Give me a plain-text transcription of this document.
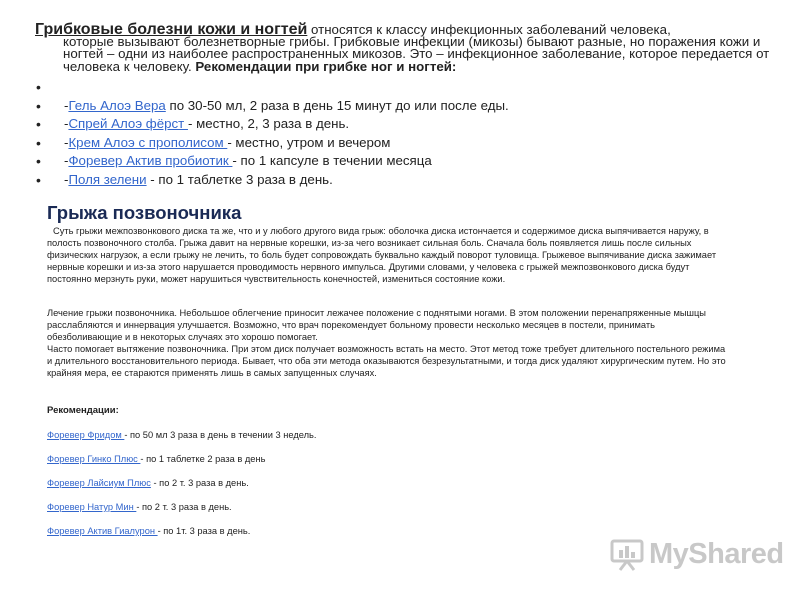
Грибковые болезни кожи и ногтей относятся к классу инфекционных заболеваний человека,
которые вызывают болезнетворные грибы. Грибковые инфекции (микозы) бывают разные, но поражения кожи и ногтей – одни из наиболее распространенных микозов. Это – инфекционное заболевание, которое передается от человека к человеку. Рекомендации при грибке ног и ногтей:
•
• -Гель Алоэ Вера по 30-50 мл, 2 раза в день 15 минут до или после еды.
• -Спрей Алоэ фёрст - местно, 2, 3 раза в день.
• -Крем Алоэ с прополисом - местно, утром и вечером
• -Форевер Актив пробиотик - по 1 капсуле в течении месяца
• -Поля зелени - по 1 таблетке 3 раза в день.
Грыжа позвоночника
Суть грыжи межпозвонкового диска та же, что и у любого другого вида грыж: оболочка диска истончается и содержимое диска выпячивается наружу, в полость позвоночного столба. Грыжа давит на нервные корешки, из-за чего возникает сильная боль. Сначала боль появляется лишь после сильных физических нагрузок, а если грыжу не лечить, то боль будет сопровождать буквально каждый поворот туловища. Грыжевое выпячивание диска зажимает нервные корешки и из-за этого нарушается проводимость нервного импульса. Другими словами, у человека с грыжей межпозвонкового диска будут постоянно мерзнуть руки, может нарушиться чувствительность конечностей, измениться состояние кожи.
Лечение грыжи позвоночника. Небольшое облегчение приносит лежачее положение с поднятыми ногами. В этом положении перенапряженные мышцы расслабляются и иннервация улучшается. Возможно, что врач порекомендует больному провести несколько месяцев в постели, принимать обезболивающие и в некоторых случаях это хорошо помогает.
Часто помогает вытяжение позвоночника. При этом диск получает возможность встать на место. Этот метод тоже требует длительного постельного режима и длительного восстановительного периода. Бывает, что оба эти метода оказываются безрезультатными, и тогда диск удаляют хирургическим путем. Но это крайняя мера, ее стараются применять лишь в самых запущенных случаях.
Рекомендации:
Форевер Фридом - по 50 мл 3 раза в день в течении 3 недель.
Форевер Гинко Плюс - по 1 таблетке 2 раза в день
Форевер Лайсиум Плюс - по 2 т. 3 раза в день.
Форевер Натур Мин - по 2 т. 3 раза в день.
Форевер Актив Гиалурон - по 1т. 3 раза в день.
MyShared
